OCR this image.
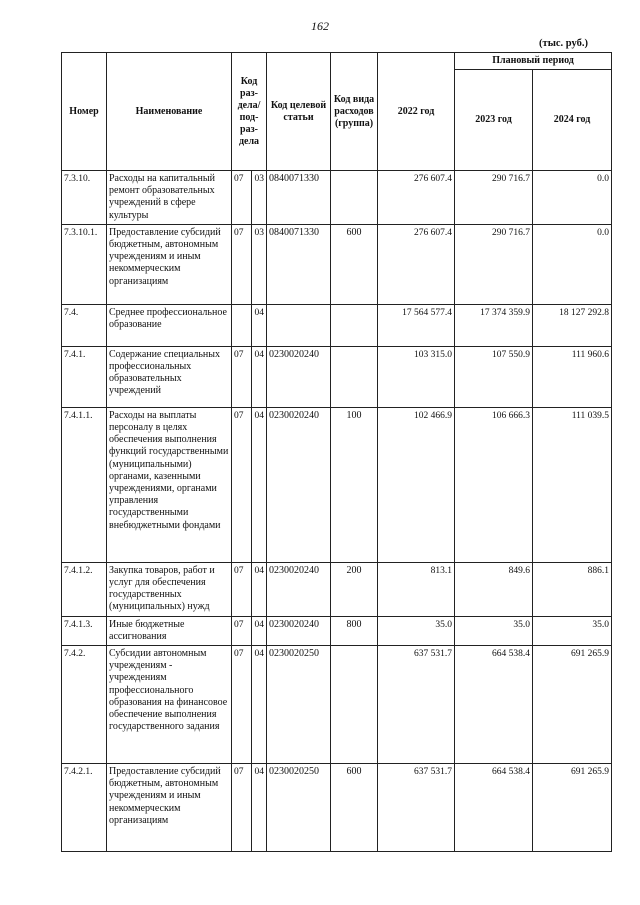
162
(тыс. руб.)
Номер	Наименование	Код раз- дела/ под- раз- дела		Код целевой статьи	Код вида расходов (группа)	2022 год	Плановый период	
							2023 год	2024 год
7.3.10.	Расходы на капитальный ремонт образовательных учреждений в сфере культуры	07	03	0840071330		276 607.4	290 716.7	0.0
7.3.10.1.	Предоставление субсидий бюджетным, автономным учреждениям и иным некоммерческим организациям	07	03	0840071330	600	276 607.4	290 716.7	0.0
7.4.	Среднее профессиональное образование		04			17 564 577.4	17 374 359.9	18 127 292.8
7.4.1.	Содержание специальных профессиональных образовательных учреждений	07	04	0230020240		103 315.0	107 550.9	111 960.6
7.4.1.1.	Расходы на выплаты персоналу в целях обеспечения выполнения функций государственными (муниципальными) органами, казенными учреждениями, органами управления государственными внебюджетными фондами	07	04	0230020240	100	102 466.9	106 666.3	111 039.5
7.4.1.2.	Закупка товаров, работ и услуг для обеспечения государственных (муниципальных) нужд	07	04	0230020240	200	813.1	849.6	886.1
7.4.1.3.	Иные бюджетные ассигнования	07	04	0230020240	800	35.0	35.0	35.0
7.4.2.	Субсидии автономным учреждениям - учреждениям профессионального образования на финансовое обеспечение выполнения государственного задания	07	04	0230020250		637 531.7	664 538.4	691 265.9
7.4.2.1.	Предоставление субсидий бюджетным, автономным учреждениям и иным некоммерческим организациям	07	04	0230020250	600	637 531.7	664 538.4	691 265.9
